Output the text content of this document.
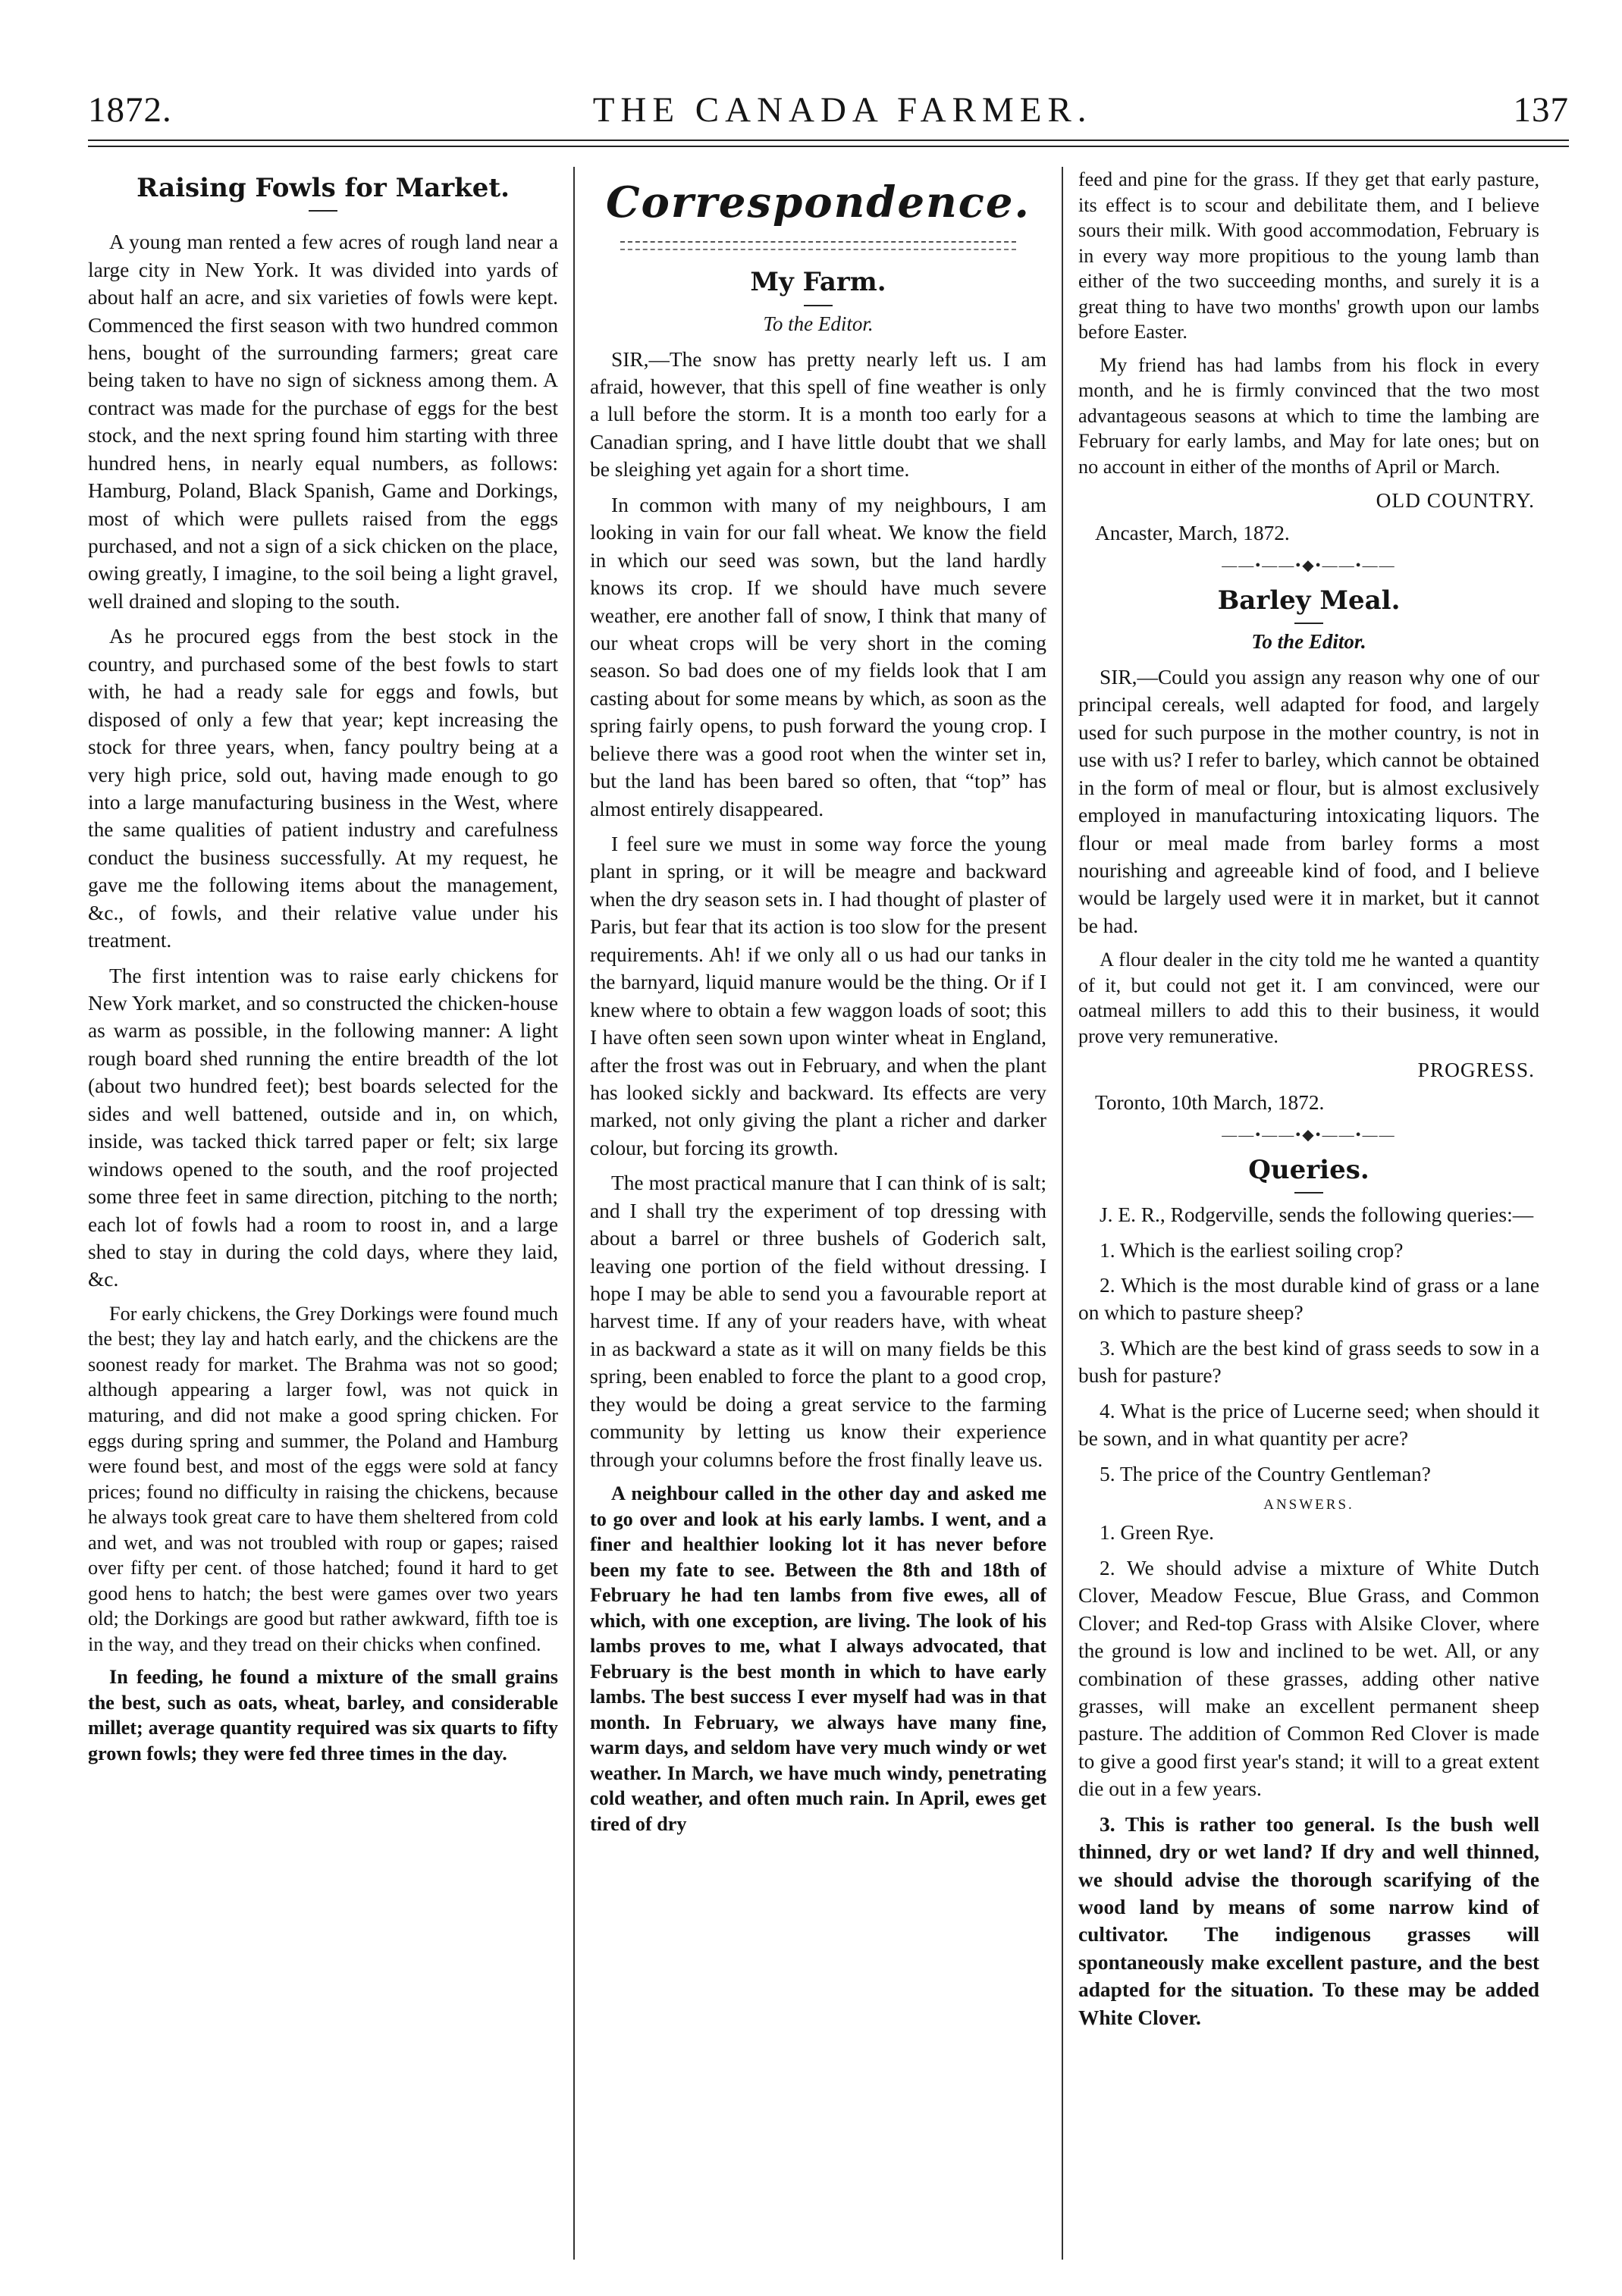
1872.	THE CANADA FARMER.	137
Raising Fowls for Market.

A young man rented a few acres of rough land near a large city in New York. It was divided into yards of about half an acre, and six varieties of fowls were kept. Commenced the first season with two hundred common hens, bought of the surrounding farmers; great care being taken to have no sign of sickness among them. A contract was made for the purchase of eggs for the best stock, and the next spring found him starting with three hundred hens, in nearly equal numbers, as follows: Hamburg, Poland, Black Spanish, Game and Dorkings, most of which were pullets raised from the eggs purchased, and not a sign of a sick chicken on the place, owing greatly, I imagine, to the soil being a light gravel, well drained and sloping to the south.

As he procured eggs from the best stock in the country, and purchased some of the best fowls to start with, he had a ready sale for eggs and fowls, but disposed of only a few that year; kept increasing the stock for three years, when, fancy poultry being at a very high price, sold out, having made enough to go into a large manufacturing business in the West, where the same qualities of patient industry and carefulness conduct the business successfully. At my request, he gave me the following items about the management, &c., of fowls, and their relative value under his treatment.

The first intention was to raise early chickens for New York market, and so constructed the chicken-house as warm as possible, in the following manner: A light rough board shed running the entire breadth of the lot (about two hundred feet); best boards selected for the sides and well battened, outside and in, on which, inside, was tacked thick tarred paper or felt; six large windows opened to the south, and the roof projected some three feet in same direction, pitching to the north; each lot of fowls had a room to roost in, and a large shed to stay in during the cold days, where they laid, &c.

For early chickens, the Grey Dorkings were found much the best; they lay and hatch early, and the chickens are the soonest ready for market. The Brahma was not so good; although appearing a larger fowl, was not quick in maturing, and did not make a good spring chicken. For eggs during spring and summer, the Poland and Hamburg were found best, and most of the eggs were sold at fancy prices; found no difficulty in raising the chickens, because he always took great care to have them sheltered from cold and wet, and was not troubled with roup or gapes; raised over fifty per cent. of those hatched; found it hard to get good hens to hatch; the best were games over two years old; the Dorkings are good but rather awkward, fifth toe is in the way, and they tread on their chicks when confined.

In feeding, he found a mixture of the small grains the best, such as oats, wheat, barley, and considerable millet; average quantity required was six quarts to fifty grown fowls; they were fed three times in the day.

Correspondence.
My Farm.
To the Editor.

SIR,—The snow has pretty nearly left us. I am afraid, however, that this spell of fine weather is only a lull before the storm. It is a month too early for a Canadian spring, and I have little doubt that we shall be sleighing yet again for a short time.

In common with many of my neighbours, I am looking in vain for our fall wheat. We know the field in which our seed was sown, but the land hardly knows its crop. If we should have much severe weather, ere another fall of snow, I think that many of our wheat crops will be very short in the coming season. So bad does one of my fields look that I am casting about for some means by which, as soon as the spring fairly opens, to push forward the young crop. I believe there was a good root when the winter set in, but the land has been bared so often, that “top” has almost entirely disappeared.

I feel sure we must in some way force the young plant in spring, or it will be meagre and backward when the dry season sets in. I had thought of plaster of Paris, but fear that its action is too slow for the present requirements. Ah! if we only all o us had our tanks in the barnyard, liquid manure would be the thing. Or if I knew where to obtain a few waggon loads of soot; this I have often seen sown upon winter wheat in England, after the frost was out in February, and when the plant has looked sickly and backward. Its effects are very marked, not only giving the plant a richer and darker colour, but forcing its growth.

The most practical manure that I can think of is salt; and I shall try the experiment of top dressing with about a barrel or three bushels of Goderich salt, leaving one portion of the field without dressing. I hope I may be able to send you a favourable report at harvest time. If any of your readers have, with wheat in as backward a state as it will on many fields be this spring, been enabled to force the plant to a good crop, they would be doing a great service to the farming community by letting us know their experience through your columns before the frost finally leave us.

A neighbour called in the other day and asked me to go over and look at his early lambs. I went, and a finer and healthier looking lot it has never before been my fate to see. Between the 8th and 18th of February he had ten lambs from five ewes, all of which, with one exception, are living. The look of his lambs proves to me, what I always advocated, that February is the best month in which to have early lambs. The best success I ever myself had was in that month. In February, we always have many fine, warm days, and seldom have very much windy or wet weather. In March, we have much windy, penetrating cold weather, and often much rain. In April, ewes get tired of dry

feed and pine for the grass. If they get that early pasture, its effect is to scour and debilitate them, and I believe sours their milk. With good accommodation, February is in every way more propitious to the young lamb than either of the two succeeding months, and surely it is a great thing to have two months' growth upon our lambs before Easter.

My friend has had lambs from his flock in every month, and he is firmly convinced that the two most advantageous seasons at which to time the lambing are February for early lambs, and May for late ones; but on no account in either of the months of April or March.

OLD COUNTRY.
Ancaster, March, 1872.
——•——•◆•——•——
Barley Meal.
To the Editor.

SIR,—Could you assign any reason why one of our principal cereals, well adapted for food, and largely used for such purpose in the mother country, is not in use with us? I refer to barley, which cannot be obtained in the form of meal or flour, but is almost exclusively employed in manufacturing intoxicating liquors. The flour or meal made from barley forms a most nourishing and agreeable kind of food, and I believe would be largely used were it in market, but it cannot be had.

A flour dealer in the city told me he wanted a quantity of it, but could not get it. I am convinced, were our oatmeal millers to add this to their business, it would prove very remunerative.

PROGRESS.
Toronto, 10th March, 1872.
——•——•◆•——•——
Queries.

J. E. R., Rodgerville, sends the following queries:—

1. Which is the earliest soiling crop?

2. Which is the most durable kind of grass or a lane on which to pasture sheep?

3. Which are the best kind of grass seeds to sow in a bush for pasture?

4. What is the price of Lucerne seed; when should it be sown, and in what quantity per acre?

5. The price of the Country Gentleman?

ANSWERS.

1. Green Rye.

2. We should advise a mixture of White Dutch Clover, Meadow Fescue, Blue Grass, and Common Clover; and Red-top Grass with Alsike Clover, where the ground is low and inclined to be wet. All, or any combination of these grasses, adding other native grasses, will make an excellent permanent sheep pasture. The addition of Common Red Clover is made to give a good first year's stand; it will to a great extent die out in a few years.

3. This is rather too general. Is the bush well thinned, dry or wet land? If dry and well thinned, we should advise the thorough scarifying of the wood land by means of some narrow kind of cultivator. The indigenous grasses will spontaneously make excellent pasture, and the best adapted for the situation. To these may be added White Clover.
